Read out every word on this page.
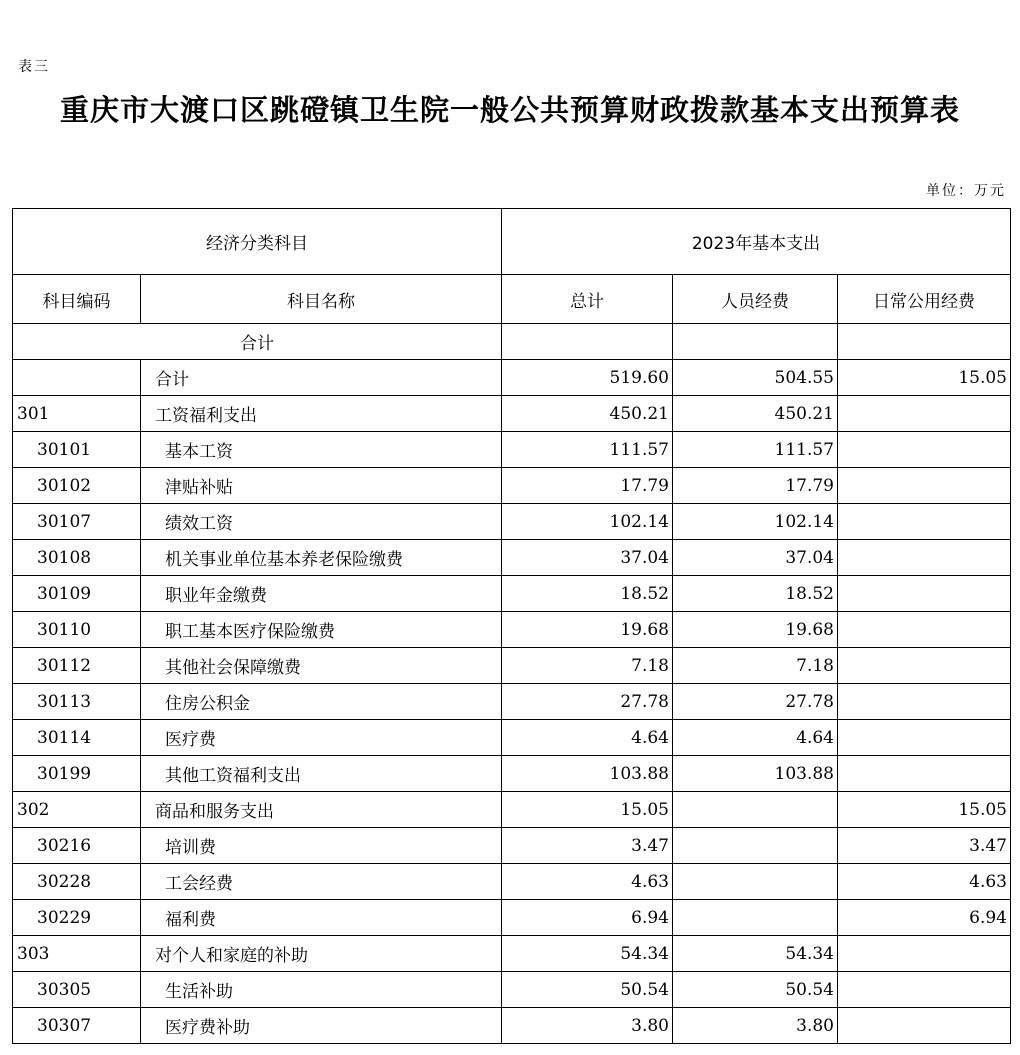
表三
重庆市大渡口区跳磴镇卫生院一般公共预算财政拨款基本支出预算表
单位：万元
经济分类科目		2023年基本支出		
科目编码	科目名称	总计	人员经费	日常公用经费
合计				
	合计	519.60	504.55	15.05
301	工资福利支出	450.21	450.21	
30101	基本工资	111.57	111.57	
30102	津贴补贴	17.79	17.79	
30107	绩效工资	102.14	102.14	
30108	机关事业单位基本养老保险缴费	37.04	37.04	
30109	职业年金缴费	18.52	18.52	
30110	职工基本医疗保险缴费	19.68	19.68	
30112	其他社会保障缴费	7.18	7.18	
30113	住房公积金	27.78	27.78	
30114	医疗费	4.64	4.64	
30199	其他工资福利支出	103.88	103.88	
302	商品和服务支出	15.05		15.05
30216	培训费	3.47		3.47
30228	工会经费	4.63		4.63
30229	福利费	6.94		6.94
303	对个人和家庭的补助	54.34	54.34	
30305	生活补助	50.54	50.54	
30307	医疗费补助	3.80	3.80	
